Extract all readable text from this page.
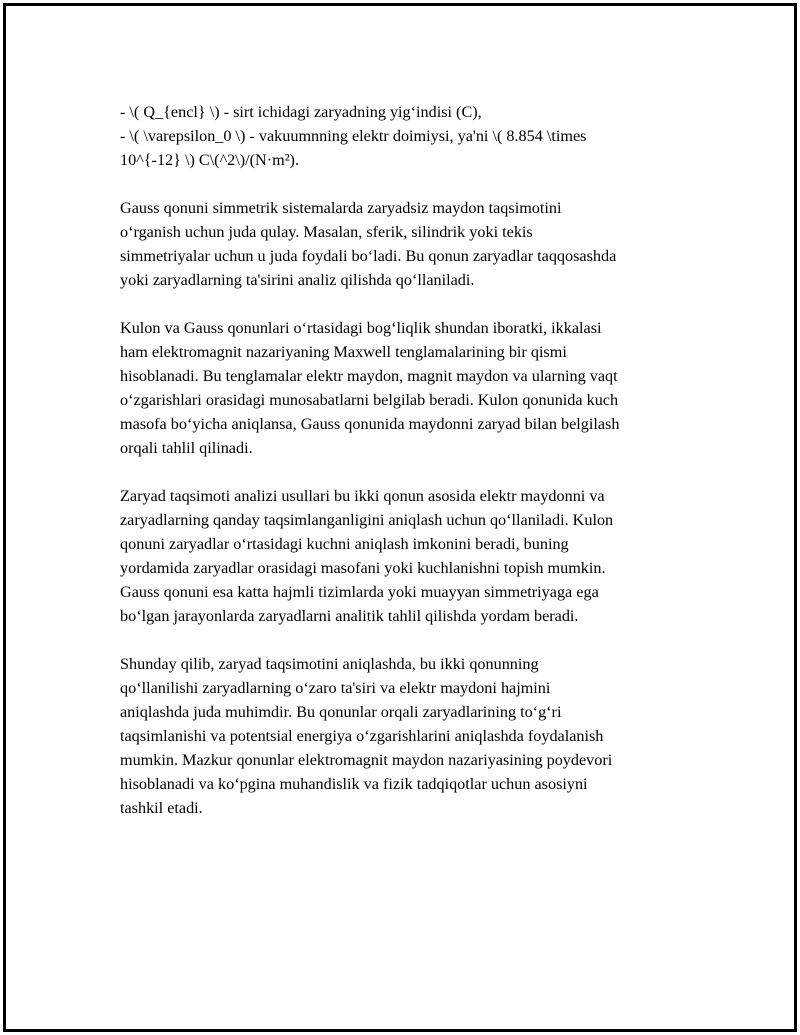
- \( Q_{encl} \) - sirt ichidagi zaryadning yig‘indisi (C),
- \( \varepsilon_0 \) - vakuumnning elektr doimiysi, ya'ni \( 8.854 \times
10^{-12} \) C\(^2\)/(N·m²).
Gauss qonuni simmetrik sistemalarda zaryadsiz maydon taqsimotini
o‘rganish uchun juda qulay. Masalan, sferik, silindrik yoki tekis
simmetriyalar uchun u juda foydali bo‘ladi. Bu qonun zaryadlar taqqosashda
yoki zaryadlarning ta'sirini analiz qilishda qo‘llaniladi.
Kulon va Gauss qonunlari o‘rtasidagi bog‘liqlik shundan iboratki, ikkalasi
ham elektromagnit nazariyaning Maxwell tenglamalarining bir qismi
hisoblanadi. Bu tenglamalar elektr maydon, magnit maydon va ularning vaqt
o‘zgarishlari orasidagi munosabatlarni belgilab beradi. Kulon qonunida kuch
masofa bo‘yicha aniqlansa, Gauss qonunida maydonni zaryad bilan belgilash
orqali tahlil qilinadi.
Zaryad taqsimoti analizi usullari bu ikki qonun asosida elektr maydonni va
zaryadlarning qanday taqsimlanganligini aniqlash uchun qo‘llaniladi. Kulon
qonuni zaryadlar o‘rtasidagi kuchni aniqlash imkonini beradi, buning
yordamida zaryadlar orasidagi masofani yoki kuchlanishni topish mumkin.
Gauss qonuni esa katta hajmli tizimlarda yoki muayyan simmetriyaga ega
bo‘lgan jarayonlarda zaryadlarni analitik tahlil qilishda yordam beradi.
Shunday qilib, zaryad taqsimotini aniqlashda, bu ikki qonunning
qo‘llanilishi zaryadlarning o‘zaro ta'siri va elektr maydoni hajmini
aniqlashda juda muhimdir. Bu qonunlar orqali zaryadlarining to‘g‘ri
taqsimlanishi va potentsial energiya o‘zgarishlarini aniqlashda foydalanish
mumkin. Mazkur qonunlar elektromagnit maydon nazariyasining poydevori
hisoblanadi va ko‘pgina muhandislik va fizik tadqiqotlar uchun asosiyni
tashkil etadi.
